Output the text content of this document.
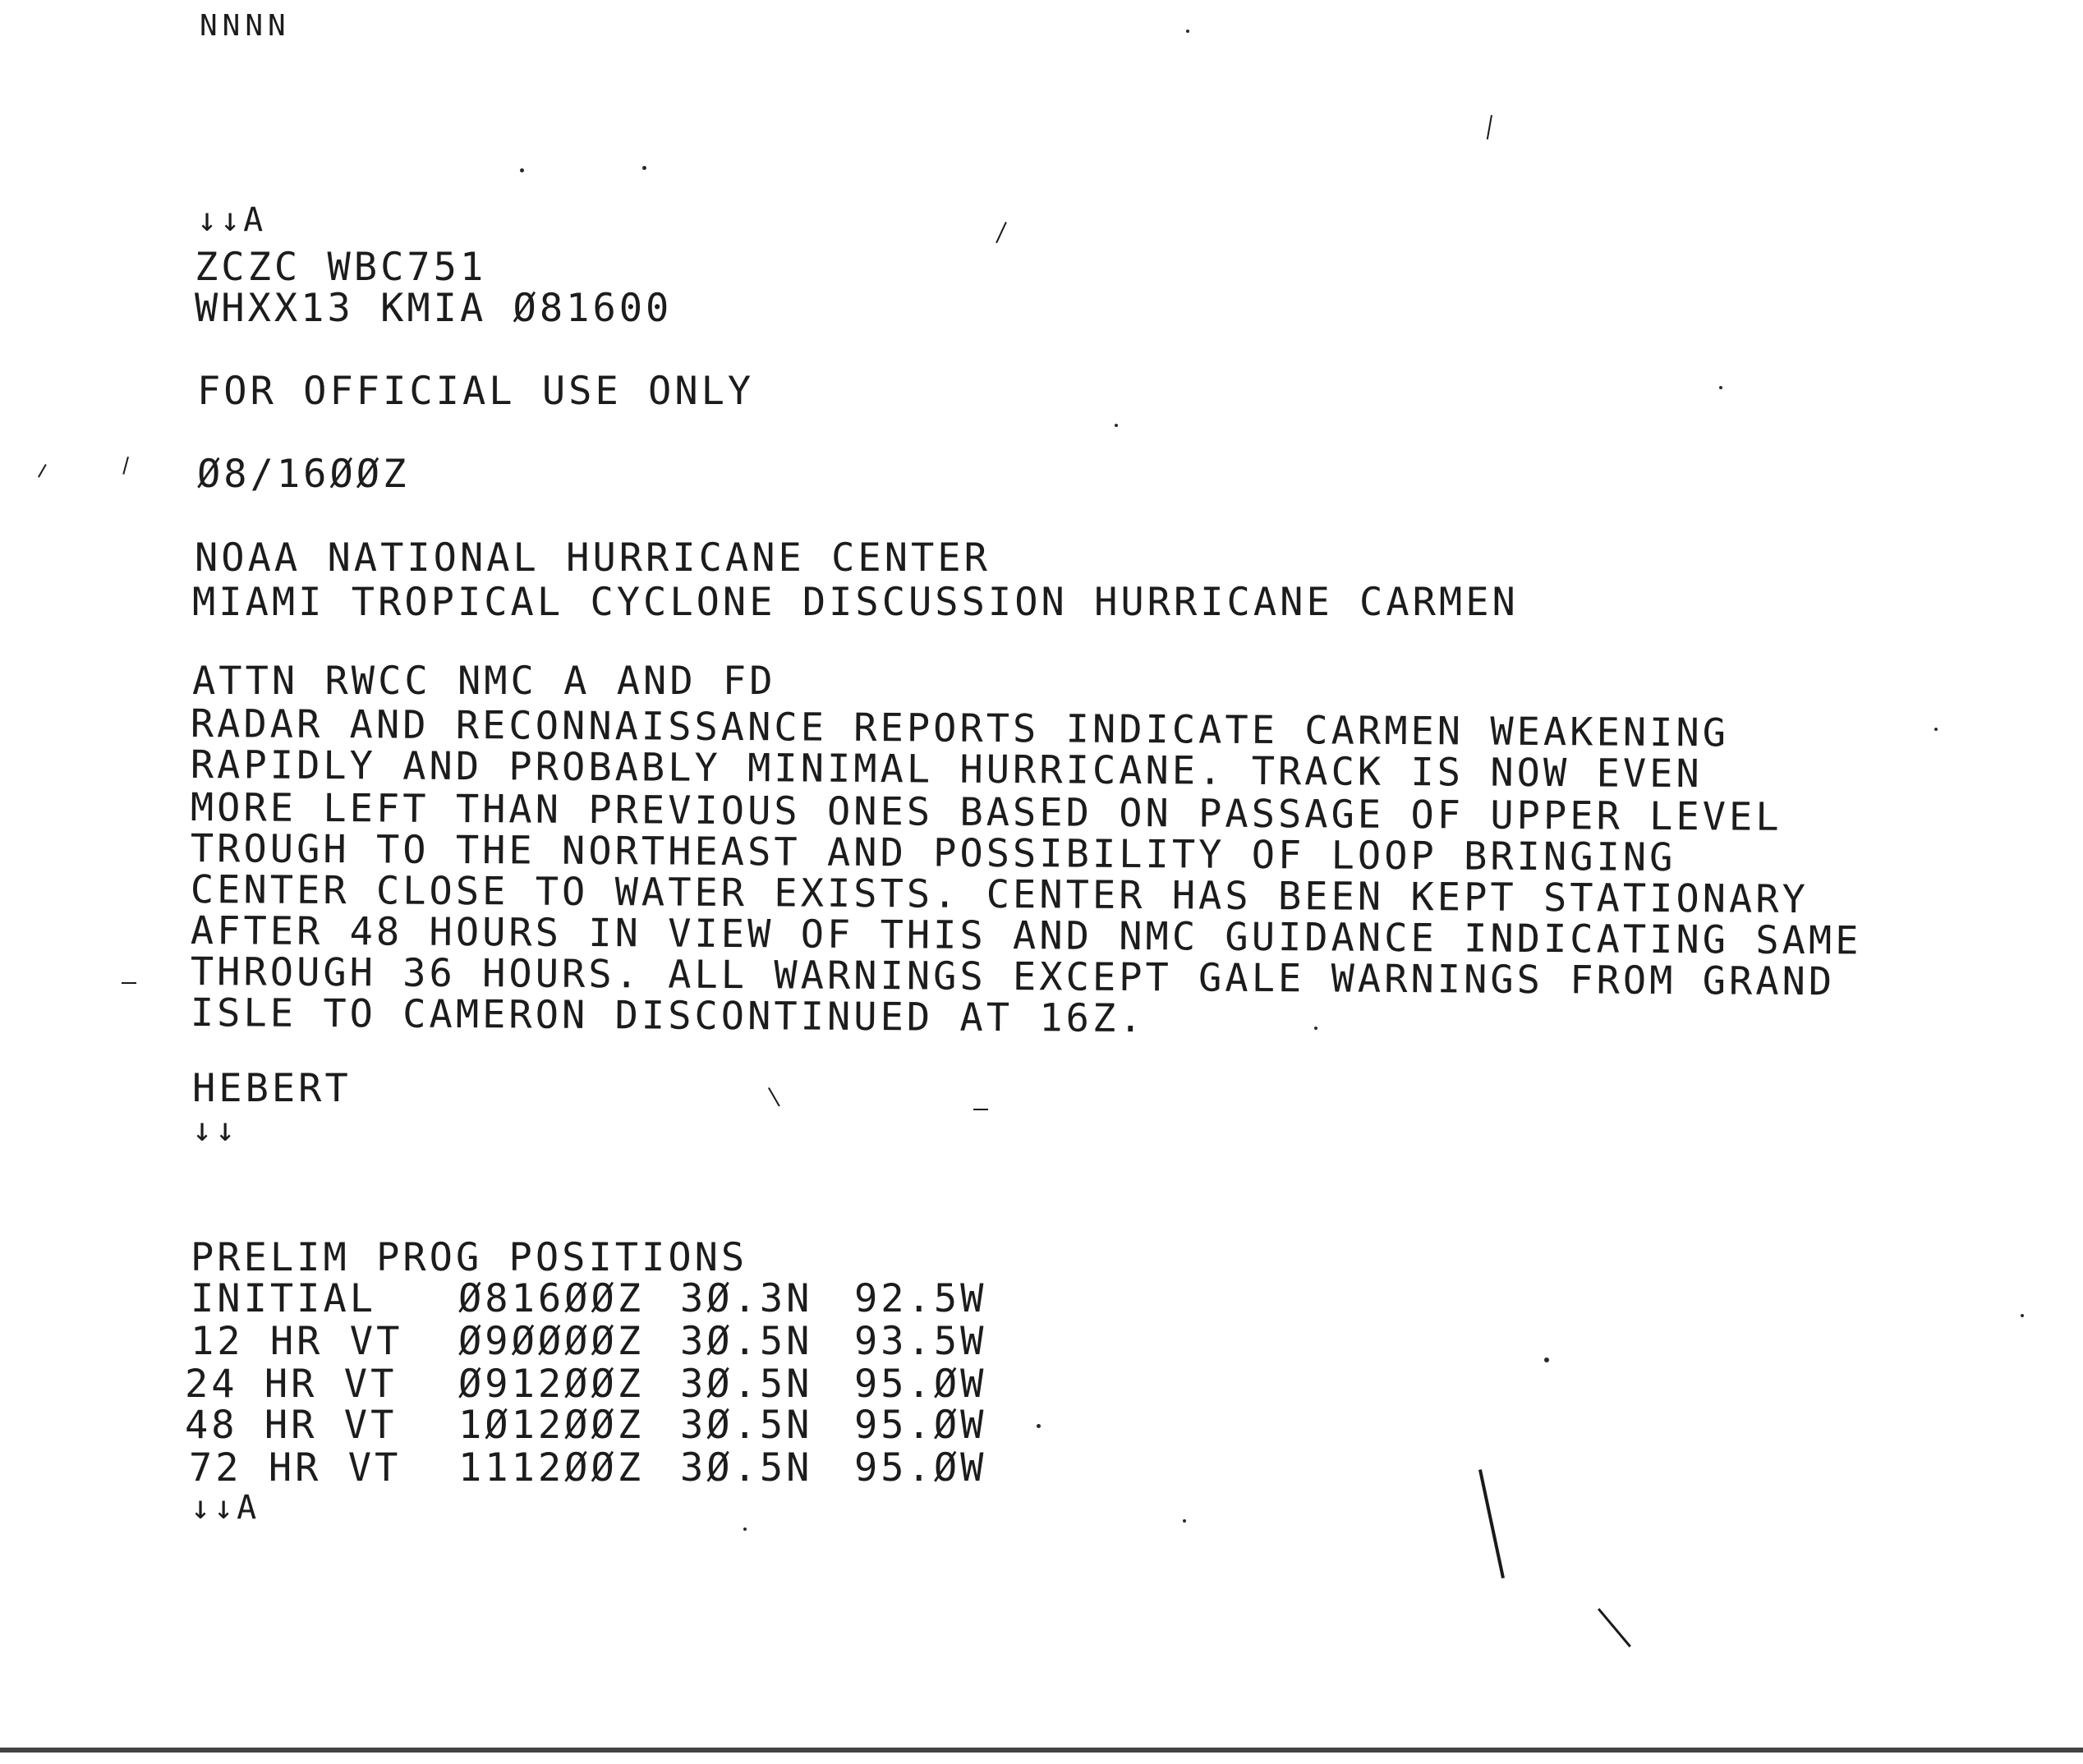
NNNN
↓↓A
ZCZC WBC751
WHXX13 KMIA Ø81600
FOR OFFICIAL USE ONLY
Ø8/16ØØZ
NOAA NATIONAL HURRICANE CENTER
MIAMI TROPICAL CYCLONE DISCUSSION HURRICANE CARMEN
ATTN RWCC NMC A AND FD
RADAR AND RECONNAISSANCE REPORTS INDICATE CARMEN WEAKENING
RAPIDLY AND PROBABLY MINIMAL HURRICANE. TRACK IS NOW EVEN
MORE LEFT THAN PREVIOUS ONES BASED ON PASSAGE OF UPPER LEVEL
TROUGH TO THE NORTHEAST AND POSSIBILITY OF LOOP BRINGING
CENTER CLOSE TO WATER EXISTS. CENTER HAS BEEN KEPT STATIONARY
AFTER 48 HOURS IN VIEW OF THIS AND NMC GUIDANCE INDICATING SAME
THROUGH 36 HOURS. ALL WARNINGS EXCEPT GALE WARNINGS FROM GRAND
ISLE TO CAMERON DISCONTINUED AT 16Z.
HEBERT
↓↓
PRELIM PROG POSITIONS
INITIAL Ø816ØØZ 3Ø.3N 92.5W
12 HR VT Ø9ØØØØZ 3Ø.5N 93.5W
24 HR VT Ø912ØØZ 3Ø.5N 95.ØW
48 HR VT 1Ø12ØØZ 3Ø.5N 95.ØW
72 HR VT 1112ØØZ 3Ø.5N 95.ØW
↓↓A
